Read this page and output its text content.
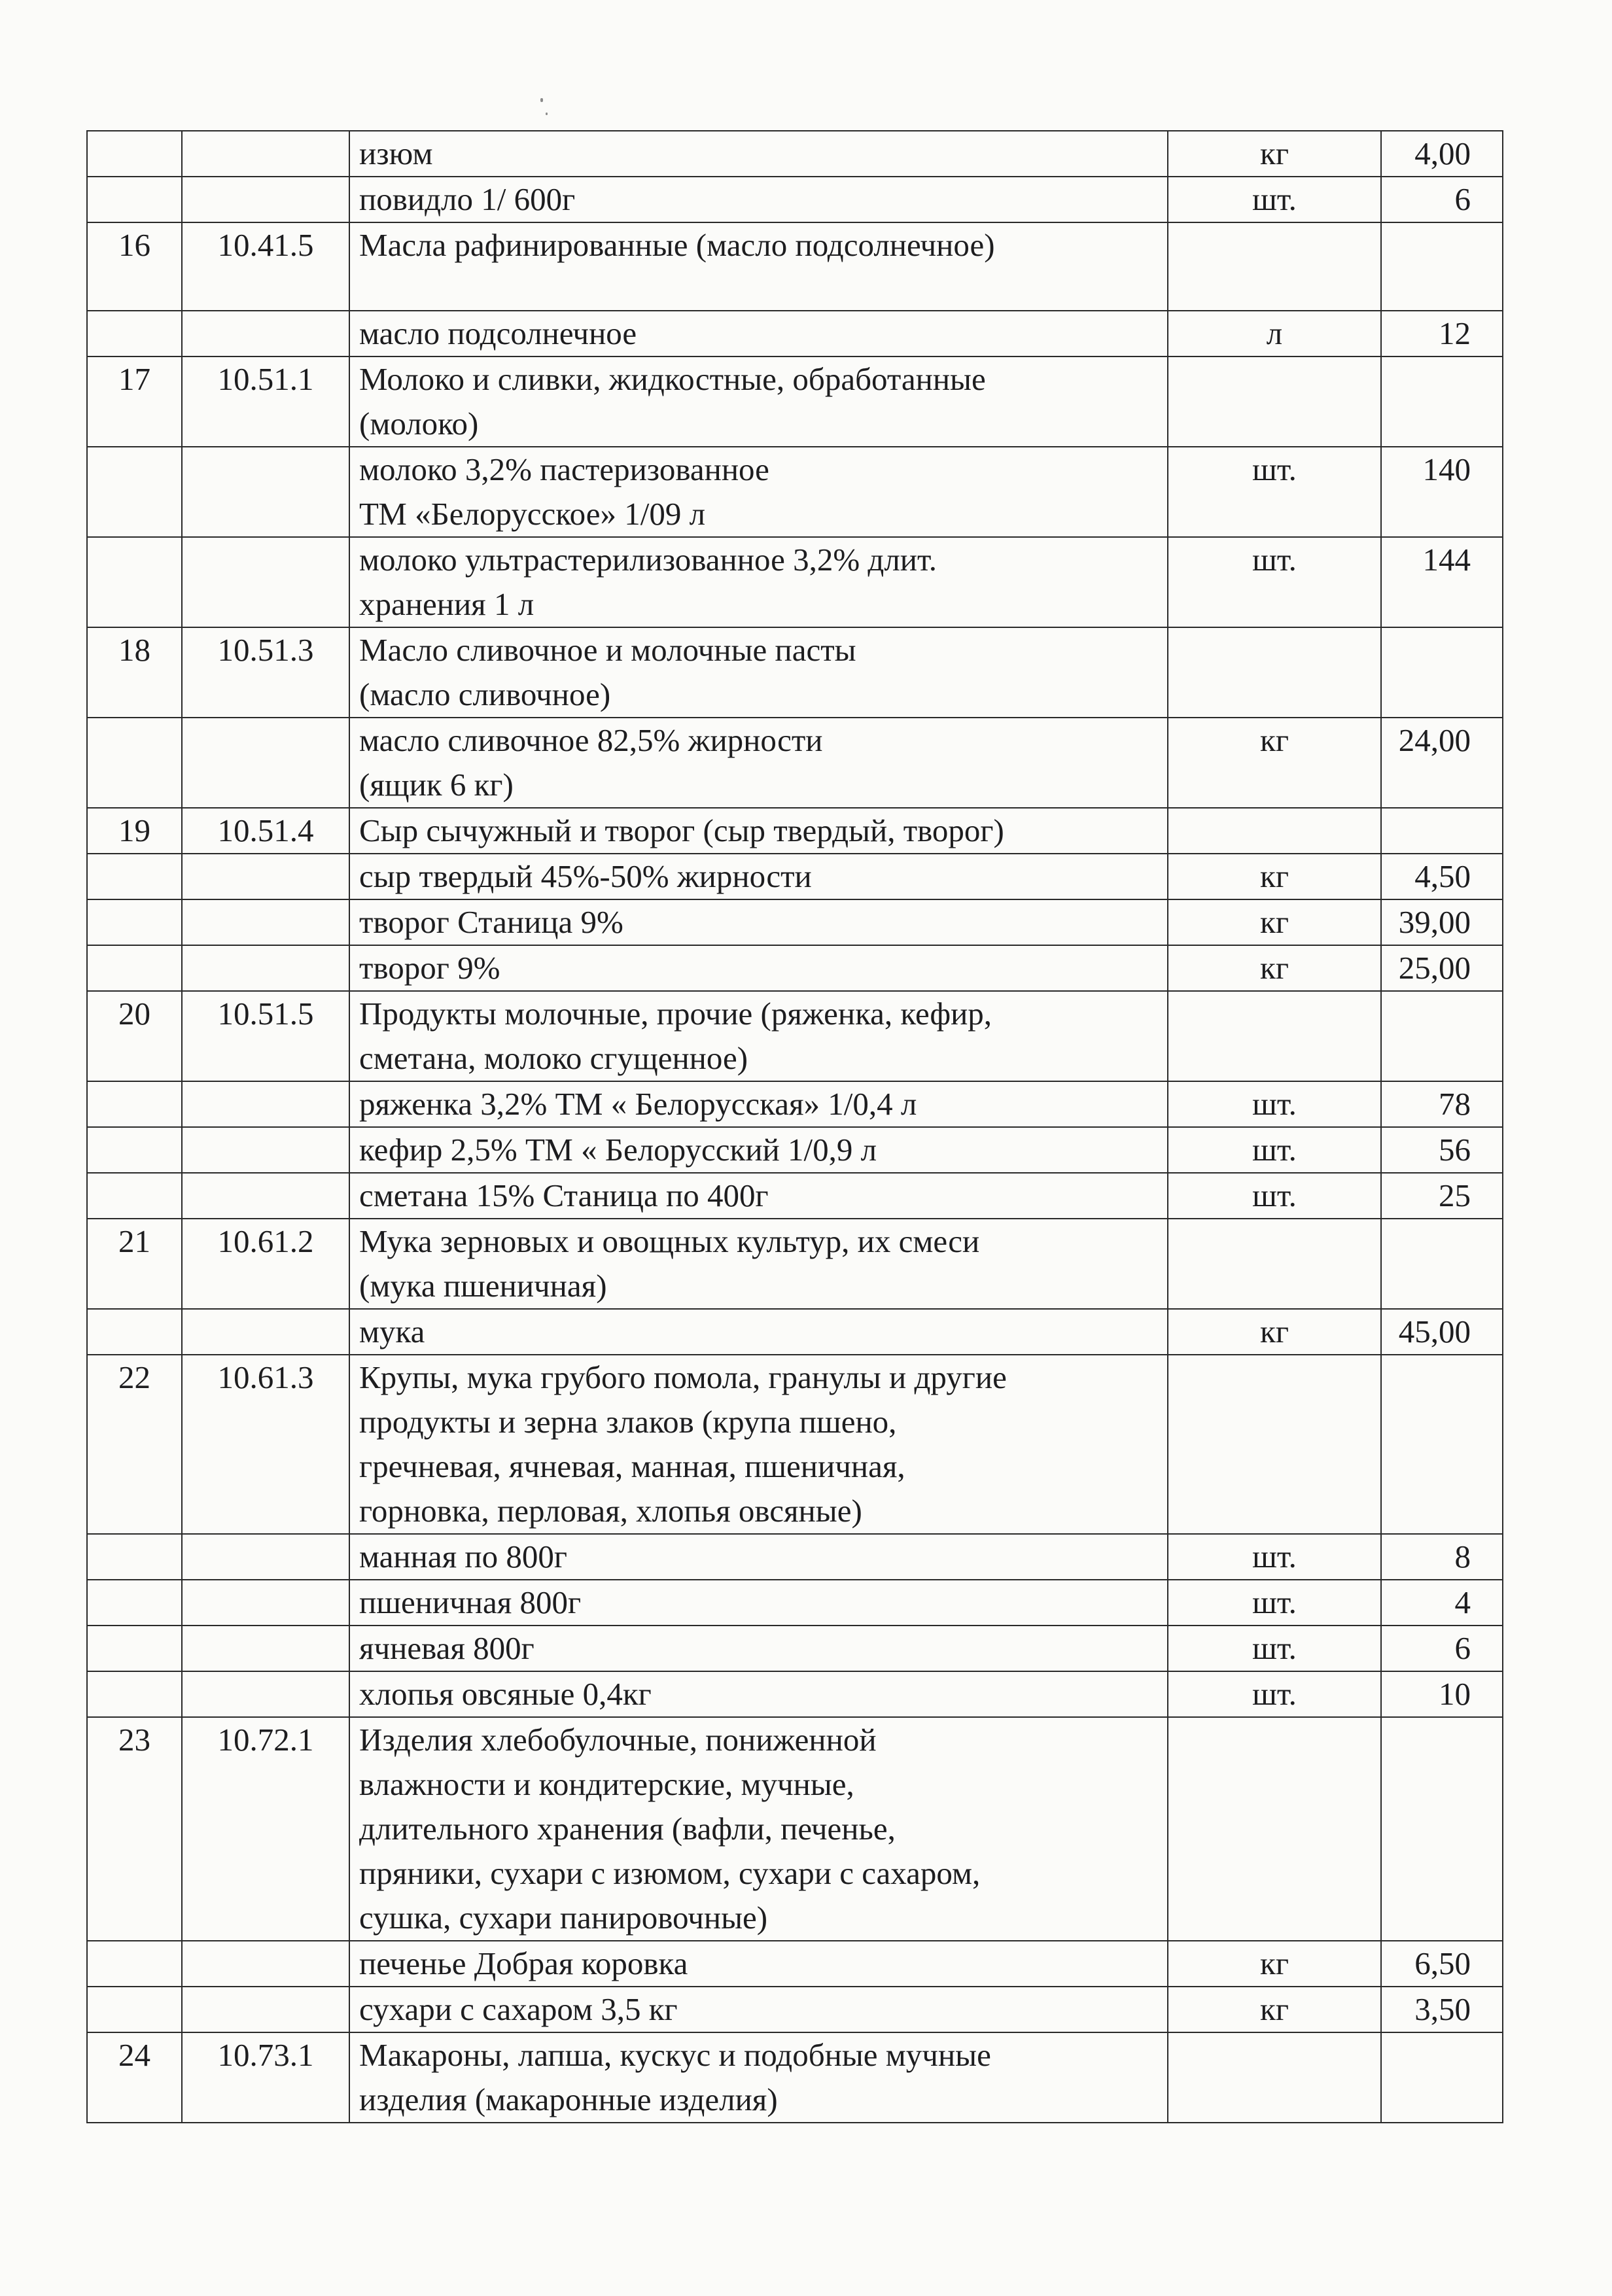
		изюм	кг	4,00
		повидло 1/ 600г	шт.	6
16	10.41.5	Масла рафинированные (масло подсолнечное)		
		масло подсолнечное	л	12
17	10.51.1	Молоко и сливки, жидкостные, обработанные
(молоко)		
		молоко 3,2% пастеризованное
ТМ «Белорусское» 1/09 л	шт.	140
		молоко ультрастерилизованное 3,2% длит.
хранения 1 л	шт.	144
18	10.51.3	Масло сливочное и молочные пасты
(масло сливочное)		
		масло сливочное 82,5% жирности
(ящик 6 кг)	кг	24,00
19	10.51.4	Сыр сычужный и творог (сыр твердый, творог)		
		сыр твердый 45%-50% жирности	кг	4,50
		творог Станица 9%	кг	39,00
		творог 9%	кг	25,00
20	10.51.5	Продукты молочные, прочие (ряженка, кефир,
сметана, молоко сгущенное)		
		ряженка 3,2% ТМ « Белорусская» 1/0,4 л	шт.	78
		кефир 2,5% ТМ « Белорусский 1/0,9 л	шт.	56
		сметана 15% Станица по 400г	шт.	25
21	10.61.2	Мука зерновых и овощных культур, их смеси
(мука пшеничная)		
		мука	кг	45,00
22	10.61.3	Крупы, мука грубого помола, гранулы и другие
продукты и зерна злаков (крупа пшено,
гречневая, ячневая, манная, пшеничная,
горновка, перловая, хлопья овсяные)		
		манная по 800г	шт.	8
		пшеничная 800г	шт.	4
		ячневая 800г	шт.	6
		хлопья овсяные 0,4кг	шт.	10
23	10.72.1	Изделия хлебобулочные, пониженной
влажности и кондитерские, мучные,
длительного хранения (вафли, печенье,
пряники, сухари с изюмом, сухари с сахаром,
сушка, сухари панировочные)		
		печенье Добрая коровка	кг	6,50
		сухари с сахаром 3,5 кг	кг	3,50
24	10.73.1	Макароны, лапша, кускус и подобные мучные
изделия (макаронные изделия)		
